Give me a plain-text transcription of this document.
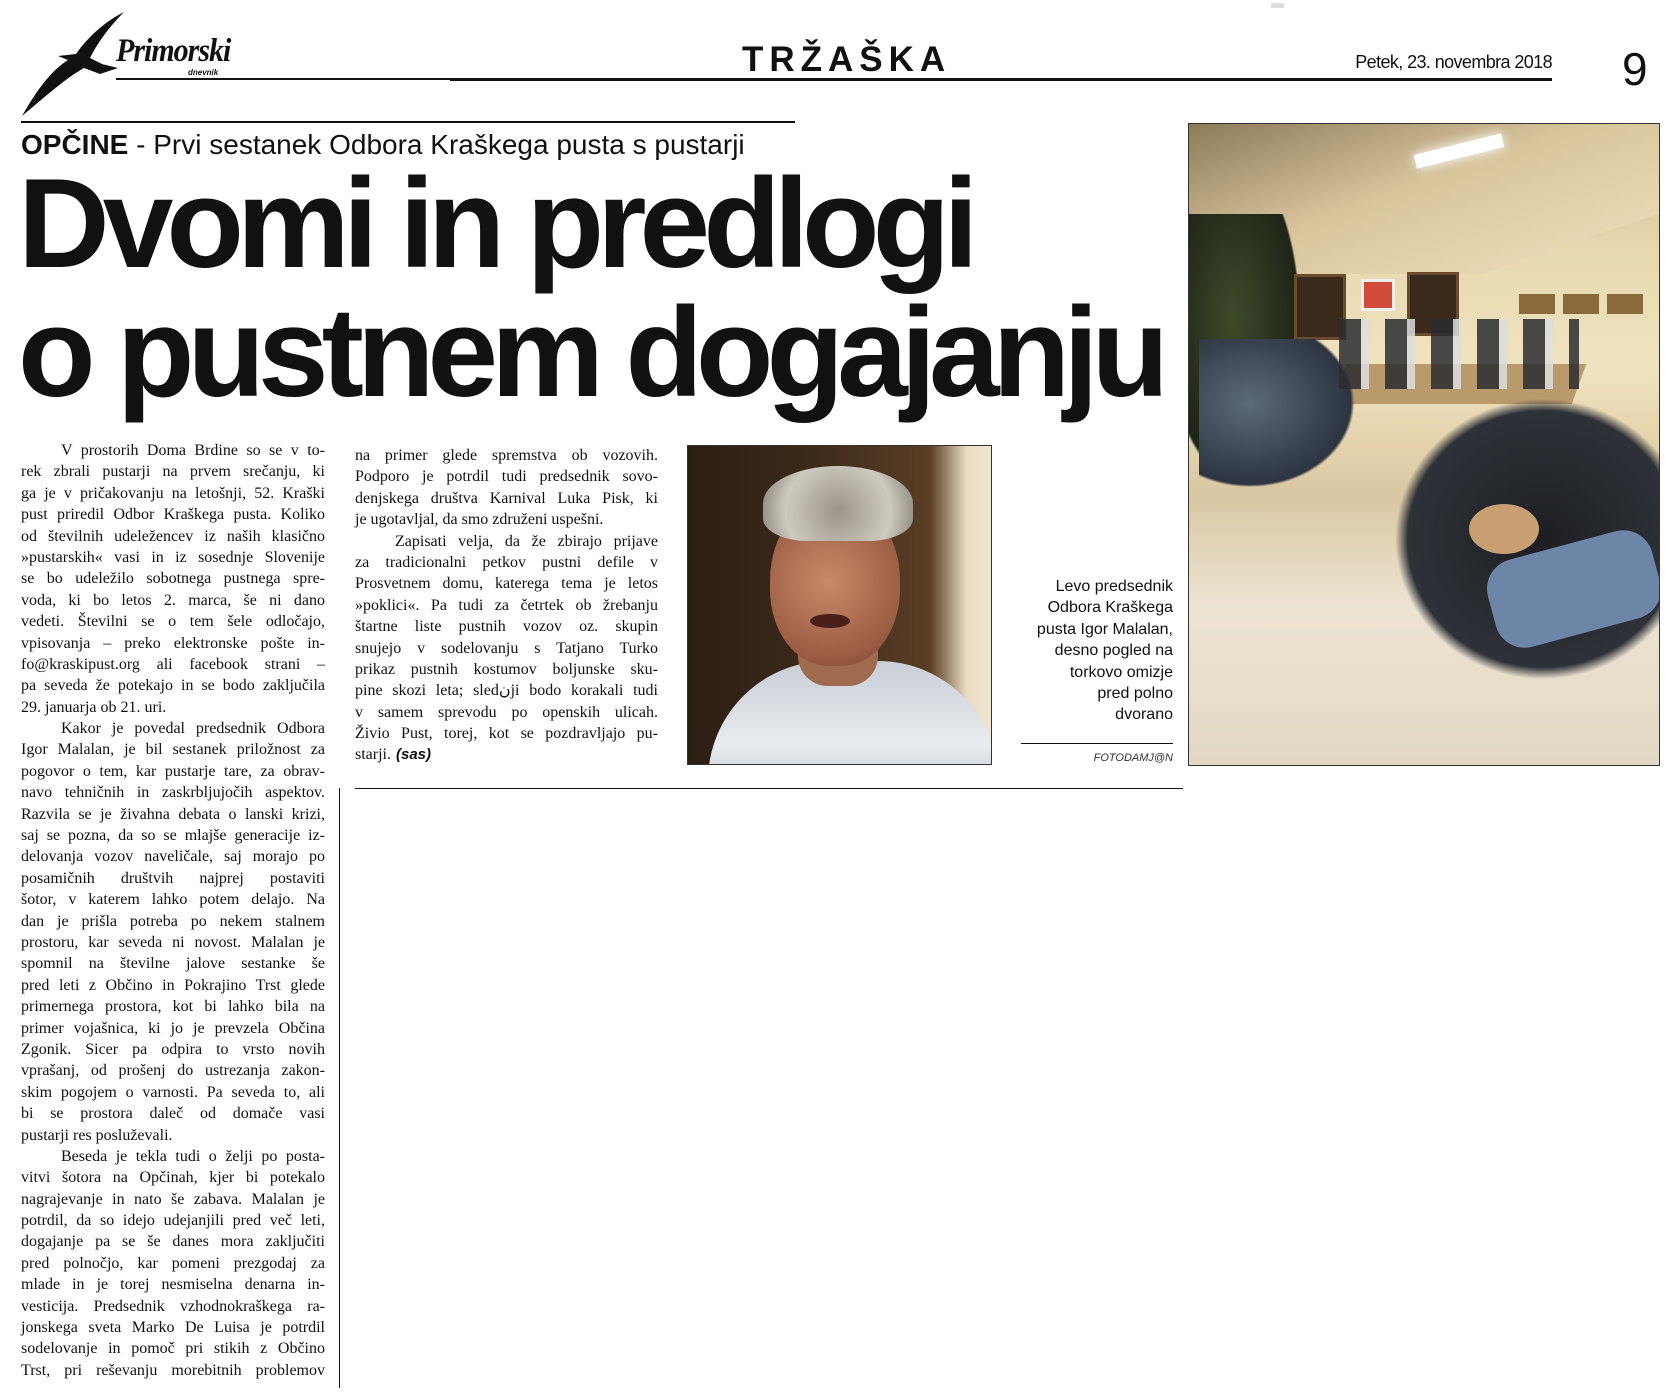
Primorski
dnevnik	TRŽAŠKA	Petek, 23. novembra 2018 9
OPČINE - Prvi sestanek Odbora Kraškega pusta s pustarji
Dvomi in predlogi
o pustnem dogajanju
V prostorih Doma Brdine so se v to-
rek zbrali pustarji na prvem srečanju, ki
ga je v pričakovanju na letošnji, 52. Kraški
pust priredil Odbor Kraškega pusta. Koliko
od številnih udeležencev iz naših klasično
»pustarskih« vasi in iz sosednje Slovenije
se bo udeležilo sobotnega pustnega spre-
voda, ki bo letos 2. marca, še ni dano
vedeti. Številni se o tem šele odločajo,
vpisovanja – preko elektronske pošte in-
fo@kraskipust.org ali facebook strani –
pa seveda že potekajo in se bodo zaključila
29. januarja ob 21. uri.
Kakor je povedal predsednik Odbora
Igor Malalan, je bil sestanek priložnost za
pogovor o tem, kar pustarje tare, za obrav-
navo tehničnih in zaskrbljujočih aspektov.
Razvila se je živahna debata o lanski krizi,
saj se pozna, da so se mlajše generacije iz-
delovanja vozov naveličale, saj morajo po
posamičnih društvih najprej postaviti
šotor, v katerem lahko potem delajo. Na
dan je prišla potreba po nekem stalnem
prostoru, kar seveda ni novost. Malalan je
spomnil na številne jalove sestanke še
pred leti z Občino in Pokrajino Trst glede
primernega prostora, kot bi lahko bila na
primer vojašnica, ki jo je prevzela Občina
Zgonik. Sicer pa odpira to vrsto novih
vprašanj, od prošenj do ustrezanja zakon-
skim pogojem o varnosti. Pa seveda to, ali
bi se prostora daleč od domače vasi
pustarji res posluževali.
Beseda je tekla tudi o želji po posta-
vitvi šotora na Opčinah, kjer bi potekalo
nagrajevanje in nato še zabava. Malalan je
potrdil, da so idejo udejanjili pred več leti,
dogajanje pa se še danes mora zaključiti
pred polnočjo, kar pomeni prezgodaj za
mlade in je torej nesmiselna denarna in-
vesticija. Predsednik vzhodnokraškega ra-
jonskega sveta Marko De Luisa je potrdil
sodelovanje in pomoč pri stikih z Občino
Trst, pri reševanju morebitnih problemov
na primer glede spremstva ob vozovih.
Podporo je potrdil tudi predsednik sovo-
denjskega društva Karnival Luka Pisk, ki
je ugotavljal, da smo združeni uspešni.
Zapisati velja, da že zbirajo prijave
za tradicionalni petkov pustni defile v
Prosvetnem domu, katerega tema je letos
»poklici«. Pa tudi za četrtek ob žrebanju
štartne liste pustnih vozov oz. skupin
snujejo v sodelovanju s Tatjano Turko
prikaz pustnih kostumov boljunske sku-
pine skozi leta; sledنji bodo korakali tudi
v samem sprevodu po openskih ulicah.
Živio Pust, torej, kot se pozdravljajo pu-
starji. (sas)
Levo predsednik
Odbora Kraškega
pusta Igor Malalan,
desno pogled na
torkovo omizje
pred polno
dvorano
FOTODAMJ@N
